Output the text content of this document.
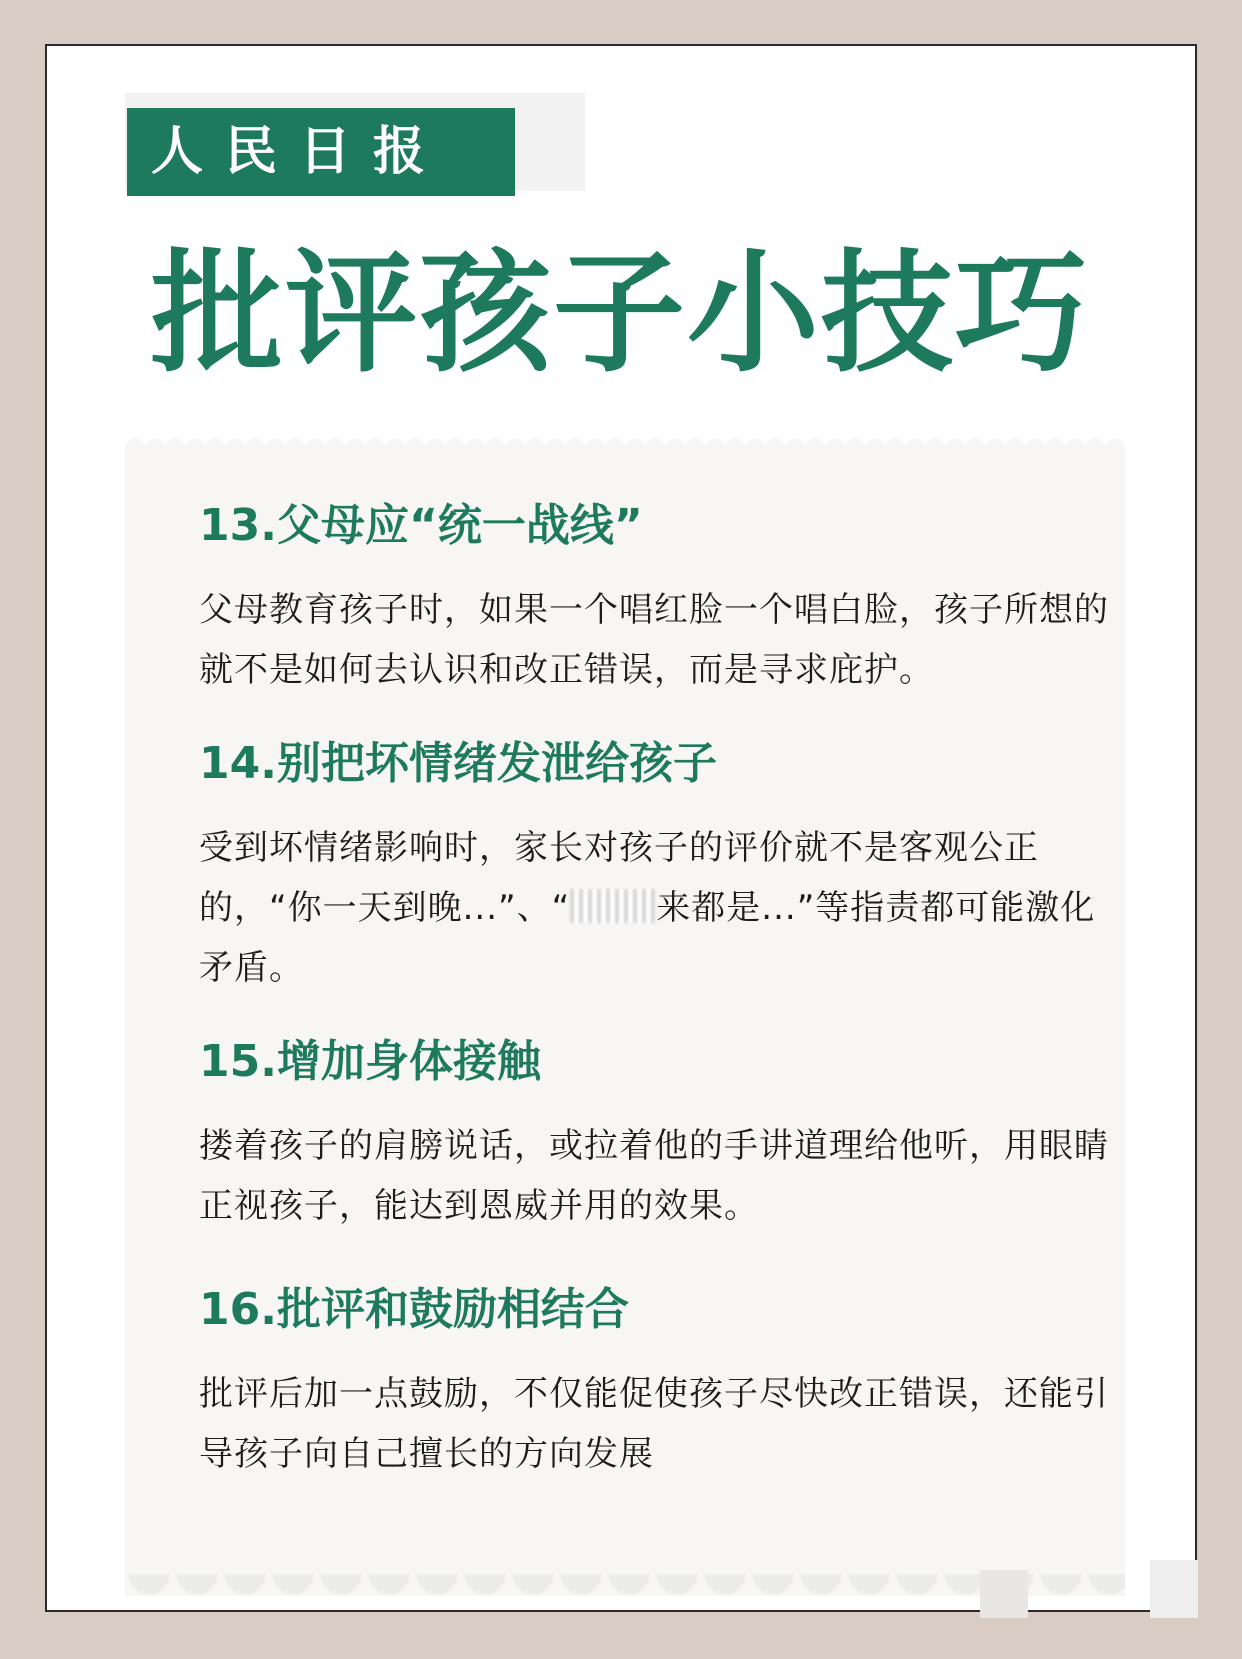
人民日报
批评孩子小技巧
13.父母应“统一战线”
父母教育孩子时，如果一个唱红脸一个唱白脸，孩子所想的就不是如何去认识和改正错误，而是寻求庇护。
14.别把坏情绪发泄给孩子
受到坏情绪影响时，家长对孩子的评价就不是客观公正的，“你一天到晚...”、“	来都是...”等指责都可能激化矛盾。
15.增加身体接触
搂着孩子的肩膀说话，或拉着他的手讲道理给他听，用眼睛正视孩子，能达到恩威并用的效果。
16.批评和鼓励相结合
批评后加一点鼓励，不仅能促使孩子尽快改正错误，还能引导孩子向自己擅长的方向发展
